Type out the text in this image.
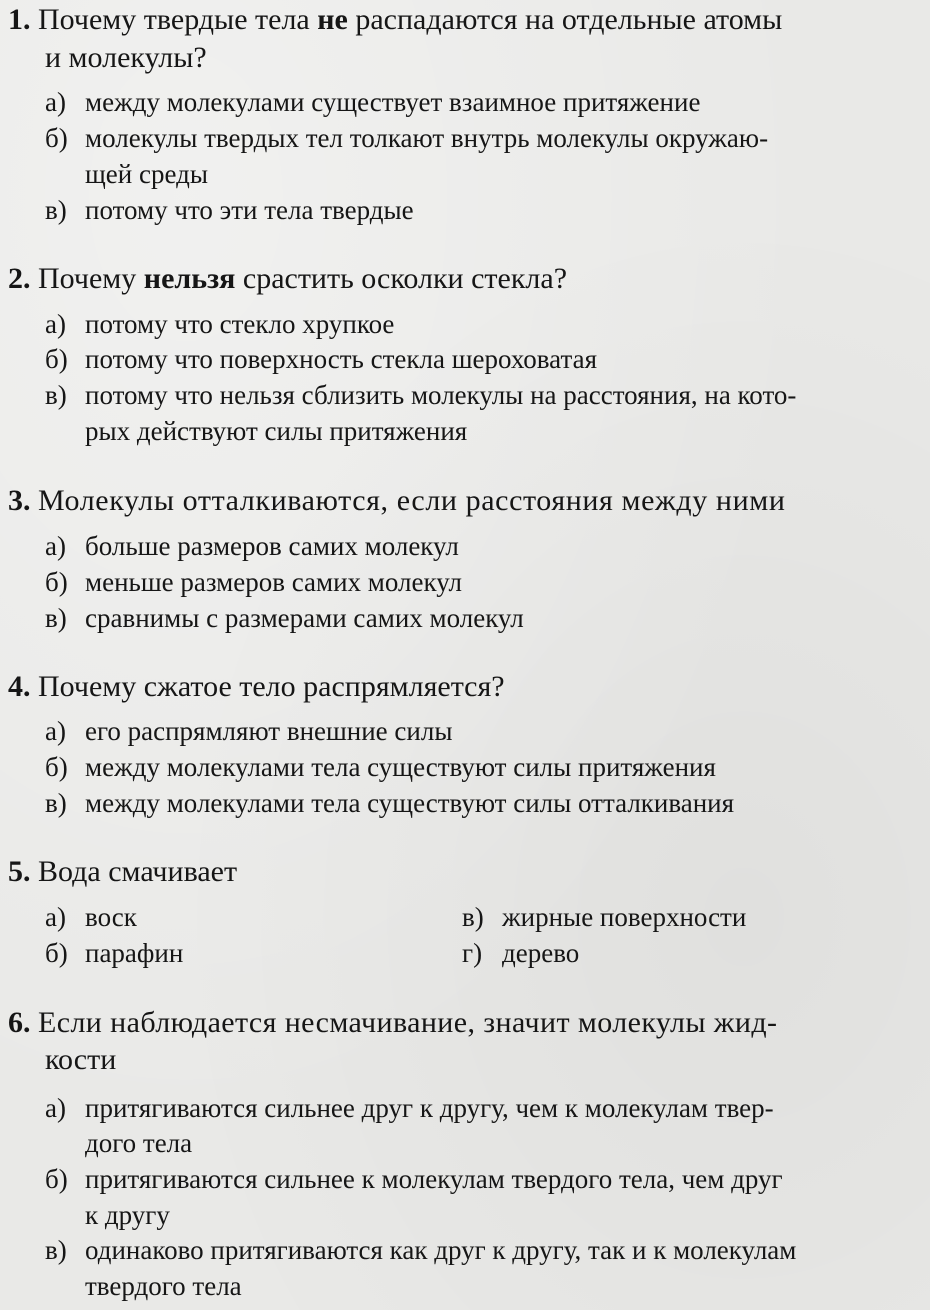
1. Почему твердые тела не распадаются на отдельные атомы
и молекулы?
а) между молекулами существует взаимное притяжение
б) молекулы твердых тел толкают внутрь молекулы окружаю-
щей среды
в) потому что эти тела твердые
2. Почему нельзя срастить осколки стекла?
а) потому что стекло хрупкое
б) потому что поверхность стекла шероховатая
в) потому что нельзя сблизить молекулы на расстояния, на кото-
рых действуют силы притяжения
3. Молекулы отталкиваются, если расстояния между ними
а) больше размеров самих молекул
б) меньше размеров самих молекул
в) сравнимы с размерами самих молекул
4. Почему сжатое тело распрямляется?
а) его распрямляют внешние силы
б) между молекулами тела существуют силы притяжения
в) между молекулами тела существуют силы отталкивания
5. Вода смачивает
а) воск
б) парафин
в) жирные поверхности
г) дерево
6. Если наблюдается несмачивание, значит молекулы жид-
кости
а) притягиваются сильнее друг к другу, чем к молекулам твер-
дого тела
б) притягиваются сильнее к молекулам твердого тела, чем друг
к другу
в) одинаково притягиваются как друг к другу, так и к молекулам
твердого тела
